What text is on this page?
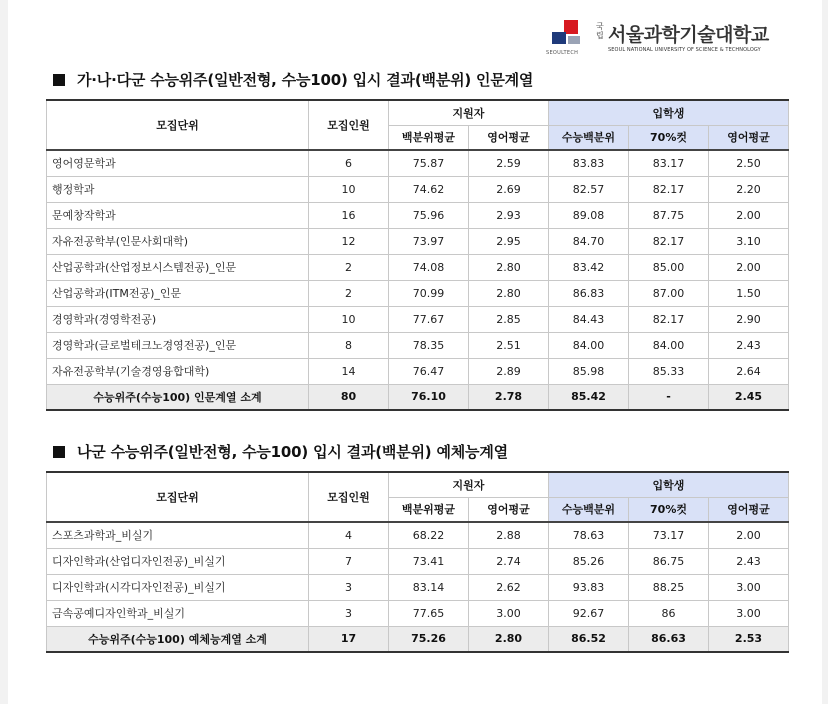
SEOULTECH
국립 서울과학기술대학교
SEOUL NATIONAL UNIVERSITY OF SCIENCE & TECHNOLOGY
가·나·다군 수능위주(일반전형, 수능100) 입시 결과(백분위) 인문계열
모집단위	모집인원	지원자		입학생		
		백분위평균	영어평균	수능백분위	70%컷	영어평균
영어영문학과	6	75.87	2.59	83.83	83.17	2.50
행정학과	10	74.62	2.69	82.57	82.17	2.20
문예창작학과	16	75.96	2.93	89.08	87.75	2.00
자유전공학부(인문사회대학)	12	73.97	2.95	84.70	82.17	3.10
산업공학과(산업정보시스템전공)_인문	2	74.08	2.80	83.42	85.00	2.00
산업공학과(ITM전공)_인문	2	70.99	2.80	86.83	87.00	1.50
경영학과(경영학전공)	10	77.67	2.85	84.43	82.17	2.90
경영학과(글로벌테크노경영전공)_인문	8	78.35	2.51	84.00	84.00	2.43
자유전공학부(기술경영융합대학)	14	76.47	2.89	85.98	85.33	2.64
수능위주(수능100) 인문계열 소계	80	76.10	2.78	85.42	-	2.45
나군 수능위주(일반전형, 수능100) 입시 결과(백분위) 예체능계열
모집단위	모집인원	지원자		입학생		
		백분위평균	영어평균	수능백분위	70%컷	영어평균
스포츠과학과_비실기	4	68.22	2.88	78.63	73.17	2.00
디자인학과(산업디자인전공)_비실기	7	73.41	2.74	85.26	86.75	2.43
디자인학과(시각디자인전공)_비실기	3	83.14	2.62	93.83	88.25	3.00
금속공예디자인학과_비실기	3	77.65	3.00	92.67	86	3.00
수능위주(수능100) 예체능계열 소계	17	75.26	2.80	86.52	86.63	2.53
